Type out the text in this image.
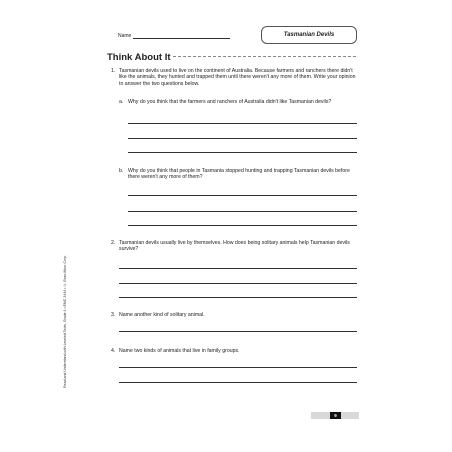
Name	Tasmanian Devils
Think About It
1. Tasmanian devils used to live on the continent of Australia. Because farmers and ranchers there didn't like the animals, they hunted and trapped them until there weren't any more of them. Write your opinion to answer the two questions below.
a. Why do you think that the farmers and ranchers of Australia didn't like Tasmanian devils?
b. Why do you think that people in Tasmania stopped hunting and trapping Tasmanian devils before there weren't any more of them?
2. Tasmanian devils usually live by themselves. How does being solitary animals help Tasmanian devils survive?
3. Name another kind of solitary animal.
4. Name two kinds of animals that live in family groups.
Read and Understand with Leveled Texts, Grade 4 • EMC 3444 • © Evan-Moor Corp.
9
